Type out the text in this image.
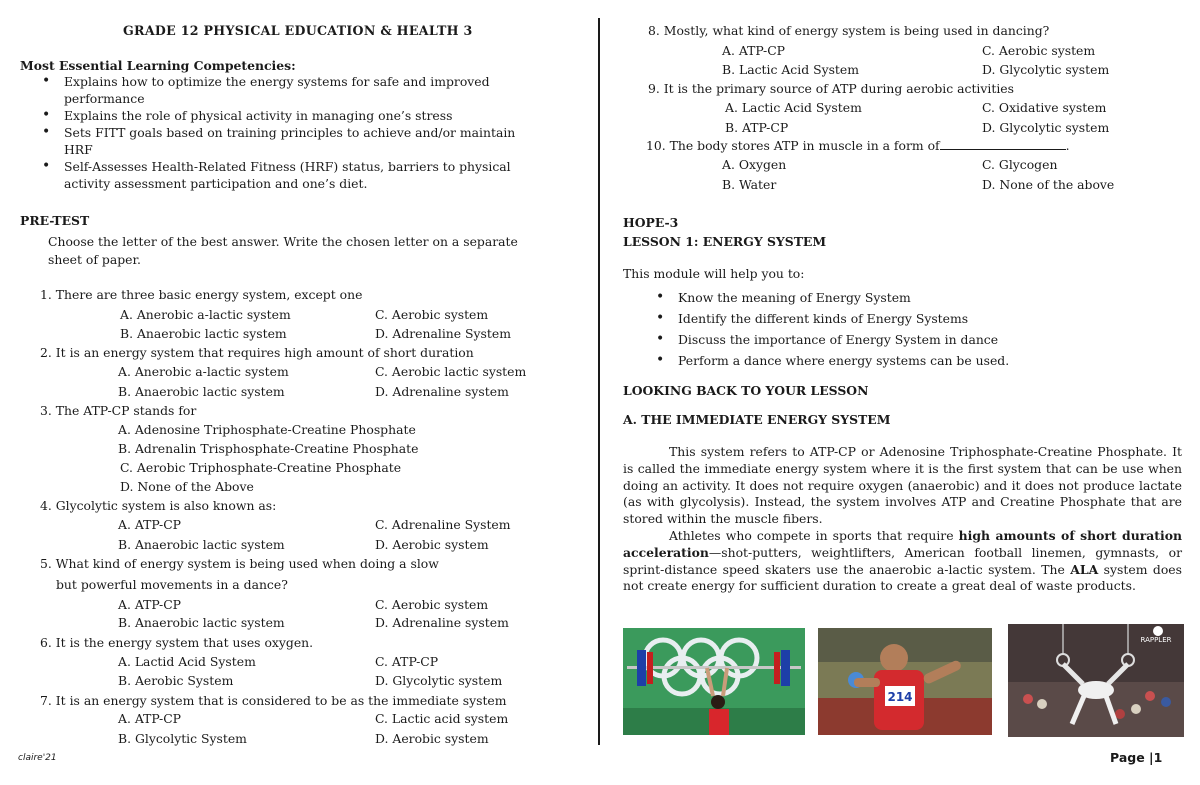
GRADE 12 PHYSICAL EDUCATION & HEALTH 3
Most Essential Learning Competencies:
• Explains how to optimize the energy systems for safe and improved
performance
• Explains the role of physical activity in managing one’s stress
• Sets FITT goals based on training principles to achieve and/or maintain
HRF
• Self-Assesses Health-Related Fitness (HRF) status, barriers to physical
activity assessment participation and one’s diet.
PRE-TEST
Choose the letter of the best answer. Write the chosen letter on a separate
sheet of paper.
1. There are three basic energy system, except one
A. Anerobic a-lactic system	C. Aerobic system
B. Anaerobic lactic system	D. Adrenaline System
2. It is an energy system that requires high amount of short duration
A. Anerobic a-lactic system	C. Aerobic lactic system
B. Anaerobic lactic system	D. Adrenaline system
3. The ATP-CP stands for
A. Adenosine Triphosphate-Creatine Phosphate
B. Adrenalin Trisphosphate-Creatine Phosphate
C. Aerobic Triphosphate-Creatine Phosphate
D. None of the Above
4. Glycolytic system is also known as:
A. ATP-CP	C. Adrenaline System
B. Anaerobic lactic system	D. Aerobic system
5. What kind of energy system is being used when doing a slow
but powerful movements in a dance?
A. ATP-CP	C. Aerobic system
B. Anaerobic lactic system	D. Adrenaline system
6. It is the energy system that uses oxygen.
A. Lactid Acid System	C. ATP-CP
B. Aerobic System	D. Glycolytic system
7. It is an energy system that is considered to be as the immediate system
A. ATP-CP	C. Lactic acid system
B. Glycolytic System	D. Aerobic system
8. Mostly, what kind of energy system is being used in dancing?
A. ATP-CP	C. Aerobic system
B. Lactic Acid System	D. Glycolytic system
9. It is the primary source of ATP during aerobic activities
A. Lactic Acid System	C. Oxidative system
B. ATP-CP	D. Glycolytic system
10. The body stores ATP in muscle in a form of	.
A. Oxygen	C. Glycogen
B. Water	D. None of the above
HOPE-3
LESSON 1: ENERGY SYSTEM
This module will help you to:
• Know the meaning of Energy System
• Identify the different kinds of Energy Systems
• Discuss the importance of Energy System in dance
• Perform a dance where energy systems can be used.
LOOKING BACK TO YOUR LESSON
A. THE IMMEDIATE ENERGY SYSTEM
This system refers to ATP-CP or Adenosine Triphosphate-Creatine Phosphate. It is called the immediate energy system where it is the first system that can be use when doing an activity. It does not require oxygen (anaerobic) and it does not produce lactate (as with glycolysis). Instead, the system involves ATP and Creatine Phosphate that are stored within the muscle fibers.
Athletes who compete in sports that require high amounts of short duration acceleration—shot-putters, weightlifters, American football linemen, gymnasts, or sprint-distance speed skaters use the anaerobic a-lactic system. The ALA system does not create energy for sufficient duration to create a great deal of waste products.
214
RAPPLER
claire'21	Page |1
